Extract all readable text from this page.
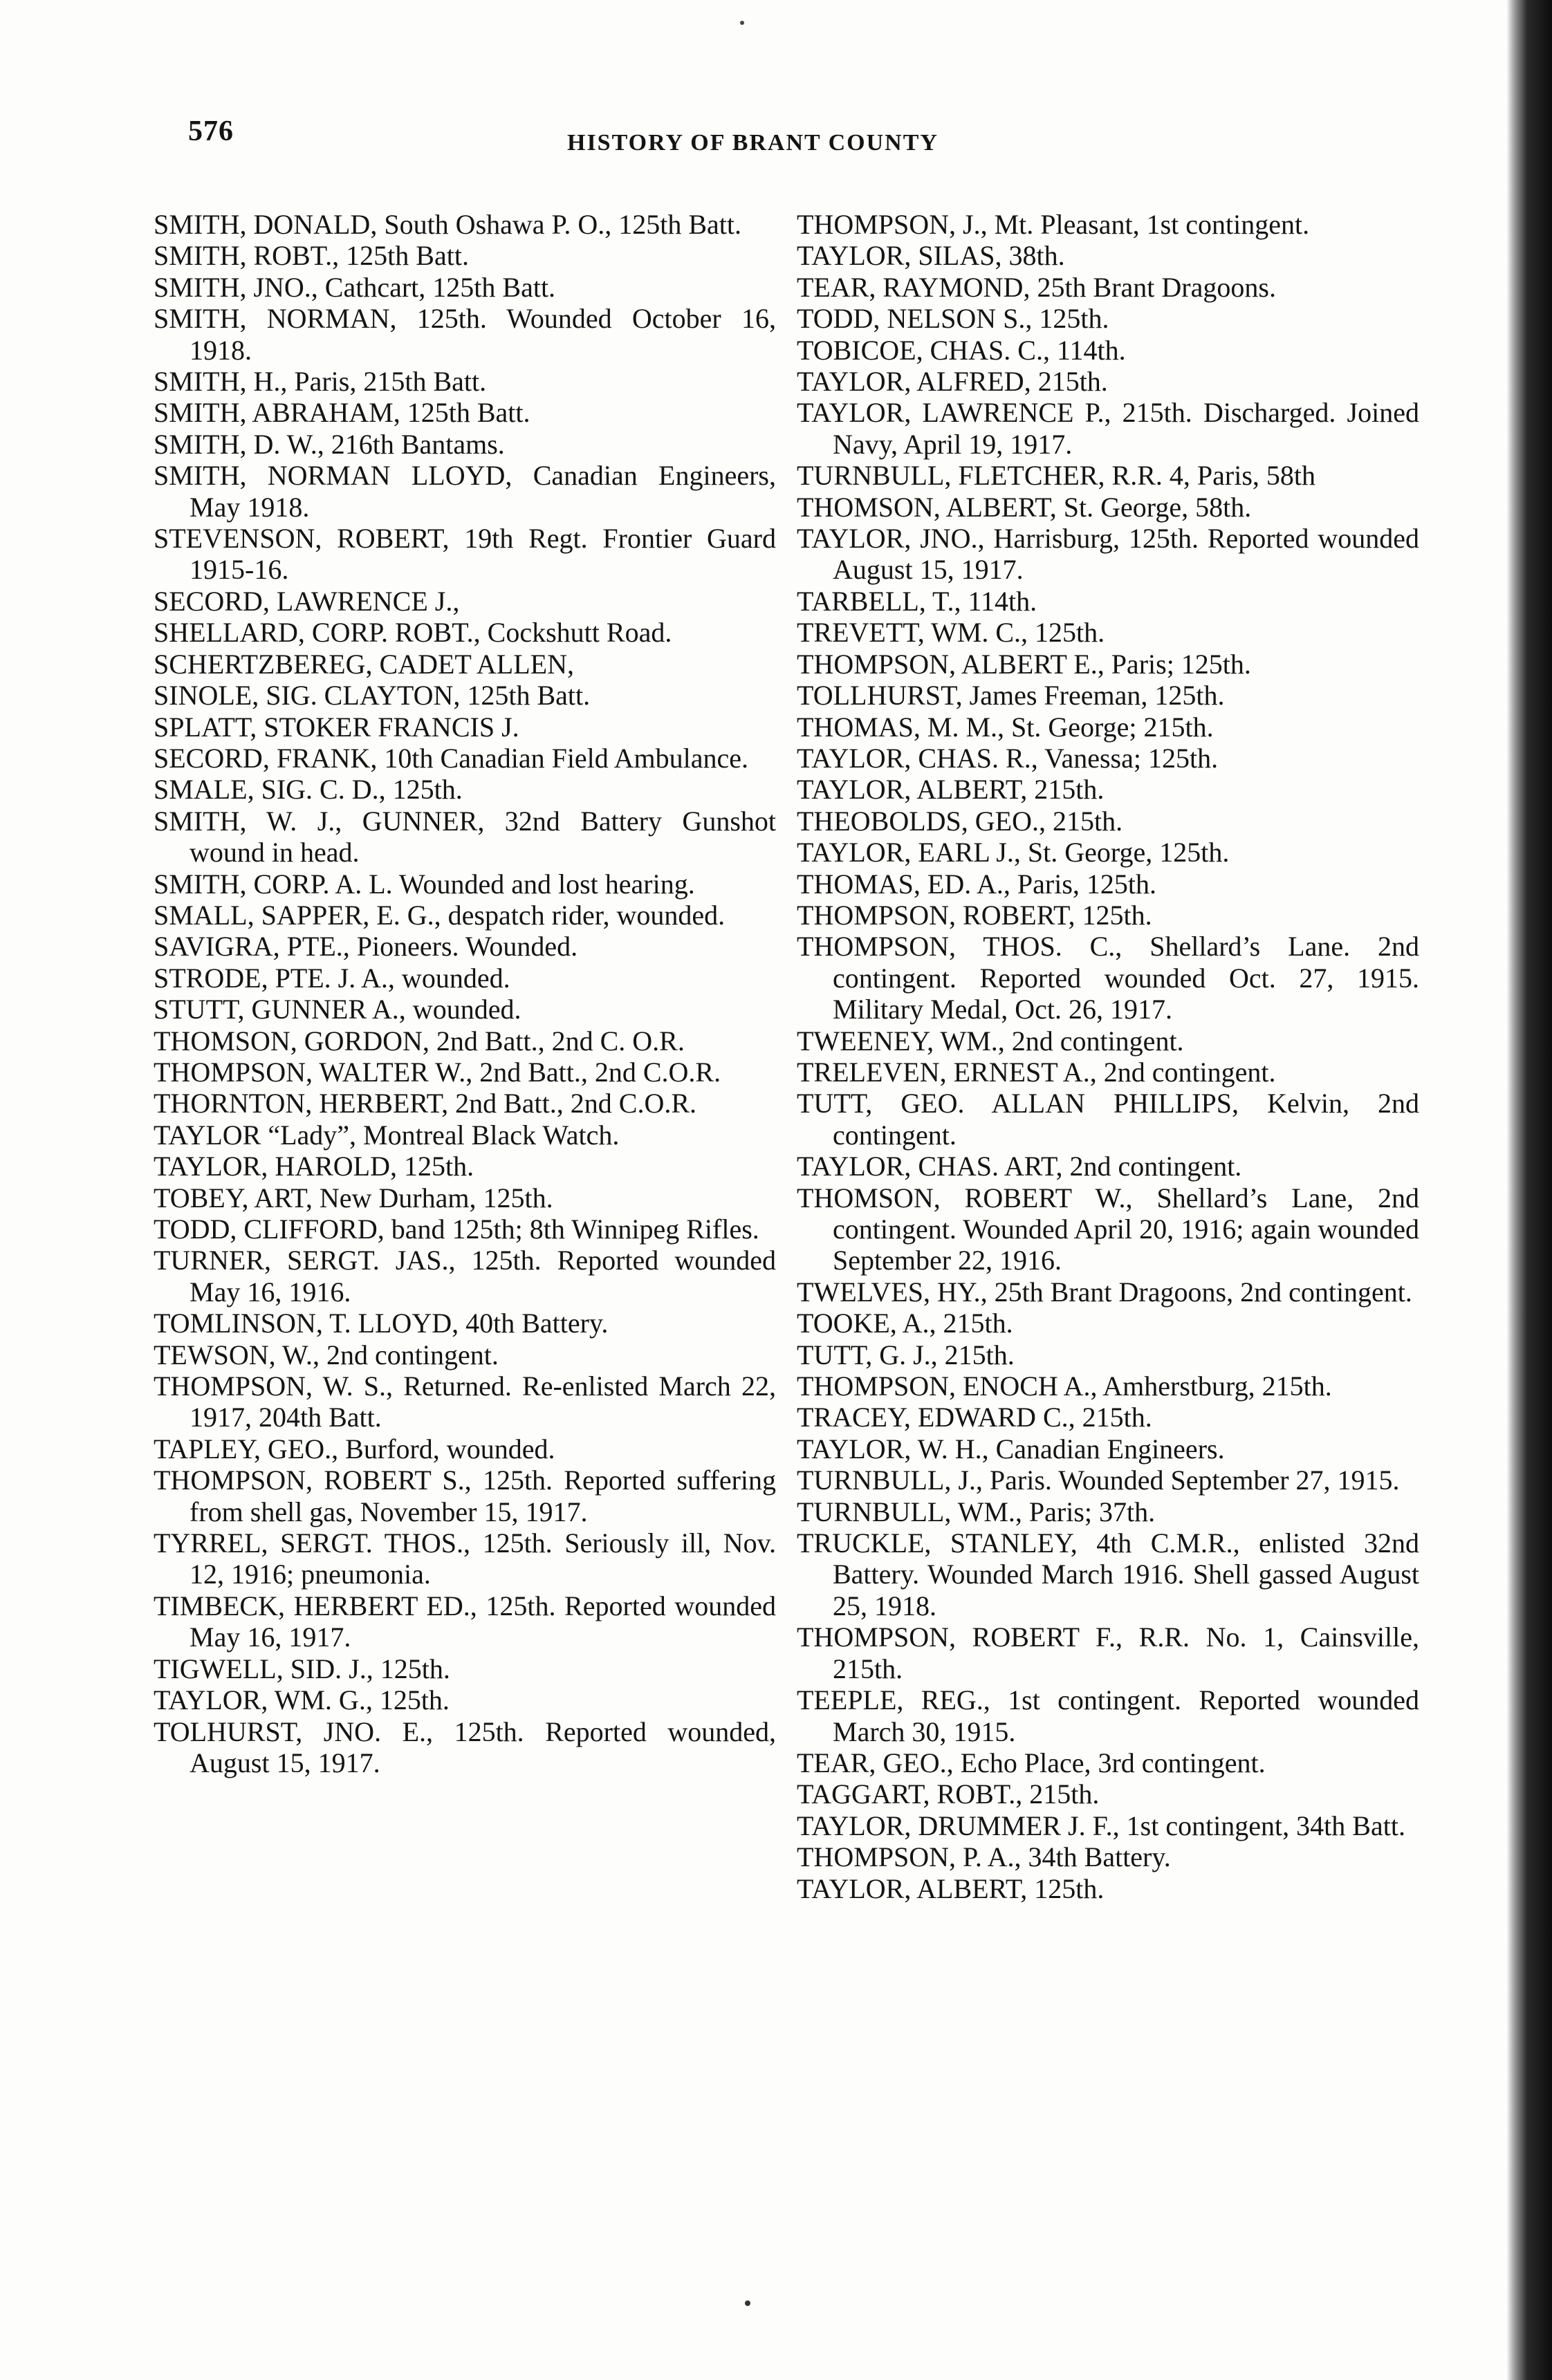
576	HISTORY OF BRANT COUNTY
SMITH, DONALD, South Oshawa P. O., 125th Batt.
SMITH, ROBT., 125th Batt.
SMITH, JNO., Cathcart, 125th Batt.
SMITH, NORMAN, 125th. Wounded October 16, 1918.
SMITH, H., Paris, 215th Batt.
SMITH, ABRAHAM, 125th Batt.
SMITH, D. W., 216th Bantams.
SMITH, NORMAN LLOYD, Canadian Engineers, May 1918.
STEVENSON, ROBERT, 19th Regt. Frontier Guard 1915-16.
SECORD, LAWRENCE J.,
SHELLARD, CORP. ROBT., Cockshutt Road.
SCHERTZBEREG, CADET ALLEN,
SINOLE, SIG. CLAYTON, 125th Batt.
SPLATT, STOKER FRANCIS J.
SECORD, FRANK, 10th Canadian Field Ambulance.
SMALE, SIG. C. D., 125th.
SMITH, W. J., GUNNER, 32nd Battery Gunshot wound in head.
SMITH, CORP. A. L. Wounded and lost hearing.
SMALL, SAPPER, E. G., despatch rider, wounded.
SAVIGRA, PTE., Pioneers. Wounded.
STRODE, PTE. J. A., wounded.
STUTT, GUNNER A., wounded.
THOMSON, GORDON, 2nd Batt., 2nd C. O.R.
THOMPSON, WALTER W., 2nd Batt., 2nd C.O.R.
THORNTON, HERBERT, 2nd Batt., 2nd C.O.R.
TAYLOR “Lady”, Montreal Black Watch.
TAYLOR, HAROLD, 125th.
TOBEY, ART, New Durham, 125th.
TODD, CLIFFORD, band 125th; 8th Winnipeg Rifles.
TURNER, SERGT. JAS., 125th. Reported wounded May 16, 1916.
TOMLINSON, T. LLOYD, 40th Battery.
TEWSON, W., 2nd contingent.
THOMPSON, W. S., Returned. Re-enlisted March 22, 1917, 204th Batt.
TAPLEY, GEO., Burford, wounded.
THOMPSON, ROBERT S., 125th. Reported suffering from shell gas, November 15, 1917.
TYRREL, SERGT. THOS., 125th. Seriously ill, Nov. 12, 1916; pneumonia.
TIMBECK, HERBERT ED., 125th. Reported wounded May 16, 1917.
TIGWELL, SID. J., 125th.
TAYLOR, WM. G., 125th.
TOLHURST, JNO. E., 125th. Reported wounded, August 15, 1917.
THOMPSON, J., Mt. Pleasant, 1st contingent.
TAYLOR, SILAS, 38th.
TEAR, RAYMOND, 25th Brant Dragoons.
TODD, NELSON S., 125th.
TOBICOE, CHAS. C., 114th.
TAYLOR, ALFRED, 215th.
TAYLOR, LAWRENCE P., 215th. Discharged. Joined Navy, April 19, 1917.
TURNBULL, FLETCHER, R.R. 4, Paris, 58th
THOMSON, ALBERT, St. George, 58th.
TAYLOR, JNO., Harrisburg, 125th. Reported wounded August 15, 1917.
TARBELL, T., 114th.
TREVETT, WM. C., 125th.
THOMPSON, ALBERT E., Paris; 125th.
TOLLHURST, James Freeman, 125th.
THOMAS, M. M., St. George; 215th.
TAYLOR, CHAS. R., Vanessa; 125th.
TAYLOR, ALBERT, 215th.
THEOBOLDS, GEO., 215th.
TAYLOR, EARL J., St. George, 125th.
THOMAS, ED. A., Paris, 125th.
THOMPSON, ROBERT, 125th.
THOMPSON, THOS. C., Shellard’s Lane. 2nd contingent. Reported wounded Oct. 27, 1915. Military Medal, Oct. 26, 1917.
TWEENEY, WM., 2nd contingent.
TRELEVEN, ERNEST A., 2nd contingent.
TUTT, GEO. ALLAN PHILLIPS, Kelvin, 2nd contingent.
TAYLOR, CHAS. ART, 2nd contingent.
THOMSON, ROBERT W., Shellard’s Lane, 2nd contingent. Wounded April 20, 1916; again wounded September 22, 1916.
TWELVES, HY., 25th Brant Dragoons, 2nd contingent.
TOOKE, A., 215th.
TUTT, G. J., 215th.
THOMPSON, ENOCH A., Amherstburg, 215th.
TRACEY, EDWARD C., 215th.
TAYLOR, W. H., Canadian Engineers.
TURNBULL, J., Paris. Wounded September 27, 1915.
TURNBULL, WM., Paris; 37th.
TRUCKLE, STANLEY, 4th C.M.R., enlisted 32nd Battery. Wounded March 1916. Shell gassed August 25, 1918.
THOMPSON, ROBERT F., R.R. No. 1, Cainsville, 215th.
TEEPLE, REG., 1st contingent. Reported wounded March 30, 1915.
TEAR, GEO., Echo Place, 3rd contingent.
TAGGART, ROBT., 215th.
TAYLOR, DRUMMER J. F., 1st contingent, 34th Batt.
THOMPSON, P. A., 34th Battery.
TAYLOR, ALBERT, 125th.
